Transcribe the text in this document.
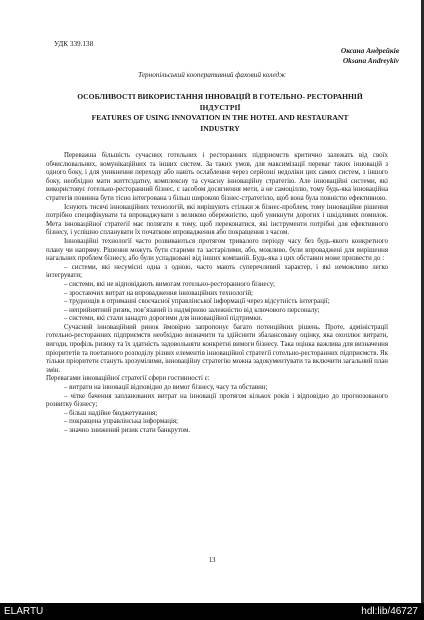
УДК 339.138
Оксана Андрейків
Oksana Andreykiv
Тернопільський кооперативний фаховий коледж
ОСОБЛИВОСТІ ВИКОРИСТАННЯ ІННОВАЦІЙ В ГОТЕЛЬНО- РЕСТОРАННІЙ
ІНДУСТРІЇ
FEATURES OF USING INNOVATION IN THE HOTEL AND RESTAURANT
INDUSTRY

Переважна більшість сучасних готельних і ресторанних підприємств критично залежать від своїх обчислювальних, комунікаційних та інших систем. За таких умов, для максимізації переваг таких інновацій з одного боку, і для уникнення переходу або навіть ослаблення через серйозні недоліки цих самих систем, з іншого боку, необхідно мати життєздатну, комплексну та сучасну інноваційну стратегію. Але інноваційні системи, які використовує готельно-ресторанний бізнес, є засобом досягнення мети, а не самоціллю, тому будь-яка інноваційна стратегія повинна бути тісно інтегрована з більш широкою бізнес-стратегією, щоб вона була повністю ефективною.

Існують тисячі інноваційних технологій, які вирішують стільки ж бізнес-проблем, тому інноваційне рішення потрібно специфікувати та впроваджувати з великою обережністю, щоб уникнути дорогих і шкідливих помилок. Мета інноваційної стратегії має полягати в тому, щоб переконатися, які інструменти потрібні для ефективного бізнесу, і успішно спланувати їх початкове впровадження або покращення з часом.

Інноваційні технології часто розвиваються протягом тривалого періоду часу без будь-якого конкретного плану чи напряму. Рішення можуть бути старими та застарілими, або, можливо, були впроваджені для вирішення нагальних проблем бізнесу, або були успадковані від інших компаній. Будь-яка з цих обставин може призвести до :

– системи, які несумісні одна з одною, часто мають суперечливий характер, і які неможливо легко інтегрувати;

– системи, які не відповідають вимогам готельно-ресторанного бізнесу;

– зростаючих витрат на впровадження інноваційних технологій;

– труднощів в отриманні своєчасної управлінської інформації через відсутність інтеграції;

– неприйнятний ризик, пов’язаний із надмірною залежністю від ключового персоналу;

– системи, які стали занадто дорогими для інноваційної підтримки.

Сучасний інноваційний ринок ймовірно запропонує багато потенційних рішень. Проте, адміністрації готельно-ресторанних підприємств необхідно визначити та здійснити збалансовану оцінку, яка охоплює витрати, вигоди, профіль ризику та їх здатність задовольняти конкретні вимоги бізнесу. Така оцінка важлива для визначення пріоритетів та поетапного розподілу різних елементів інноваційної стратегії готельно-ресторанних підприємств. Як тільки пріоритети стануть зрозумілими, інноваційну стратегію можна задокументувати та включити загальний план змін.

Перевагами інноваційної стратегії сфери гостинності є:

– витрати на інновації відповідно до вимог бізнесу, часу та обставин;

– чітке бачення запланованих витрат на інновації протягом кількох років і відповідно до прогнозованого розвитку бізнесу;

– більш надійне бюджетування;

– покращена управлінська інформація;

– значно знижений ризик стати банкрутом.

13
ELARTU	hdl:lib/46727
